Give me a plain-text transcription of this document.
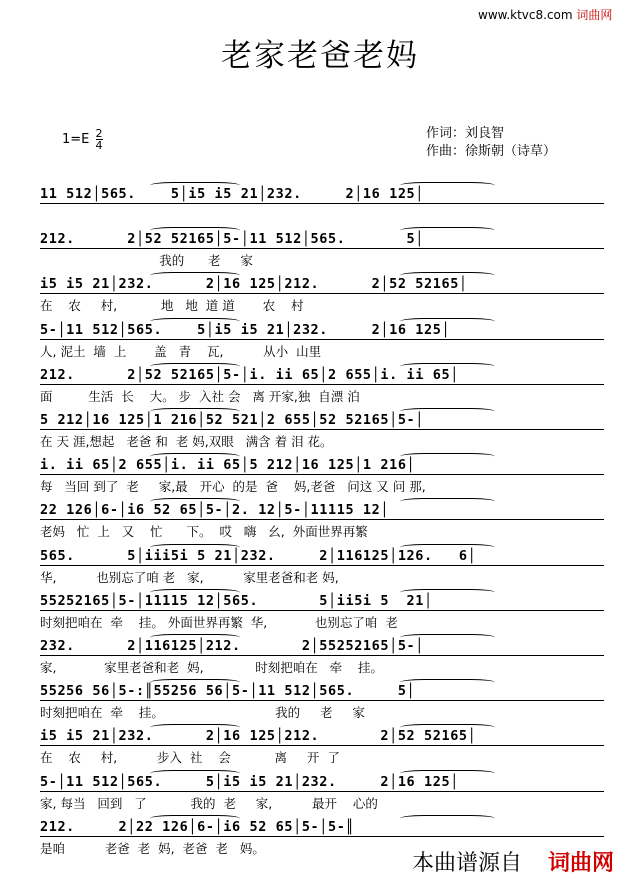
www.ktvc8.com 词曲网
老家老爸老妈
$1=E \frac{2}{4}$	作词：刘良智
作曲：徐斯朝（诗草）
11 512│565.    5│i5 i5 21│232.     2│16 125│
212.      2│52 52165│5-│11 512│565.       5│
我的      老     家
i5 i5 21│232.      2│16 125│212.      2│52 52165│
在    农     村,           地   地  道 道       农    村
5-│11 512│565.    5│i5 i5 21│232.     2│16 125│
人, 泥土  墙  上       盖   青    瓦,          从小  山里
212.      2│52 52165│5-│i. ii 65│2 655│i. ii 65│
面         生活  长    大。 步  入社 会   离 开家,独  自漂 泊
5 212│16 125│1 216│52 521│2 655│52 52165│5-│
在 天 涯,想起   老爸 和  老 妈,双眼   满含 着 泪 花。
i. ii 65│2 655│i. ii 65│5 212│16 125│1 216│
每   当回 到了  老     家,最   开心  的是  爸    妈,老爸   问这 又 问 那,
22 126│6-│i6 52 65│5-│2. 12│5-│11115 12│
老妈   忙  上   又    忙      下。  哎   嗨   幺,  外面世界再繁
565.      5│iii5i 5 21│232.     2│116125│126.   6│
华,          也别忘了咱 老   家,          家里老爸和老 妈,
55252165│5-│11115 12│565.       5│ii5i 5  21│
时刻把咱在  牵    挂。 外面世界再繁  华,            也别忘了咱  老
232.      2│116125│212.       2│55252165│5-│
家,            家里老爸和老  妈,             时刻把咱在   牵    挂。
55256 56│5-:║55256 56│5-│11 512│565.     5│
时刻把咱在  牵    挂。                            我的     老     家
i5 i5 21│232.      2│16 125│212.       2│52 52165│
在    农     村,          步入  社    会           离     开  了
5-│11 512│565.     5│i5 i5 21│232.     2│16 125│
家, 每当   回到   了           我的  老     家,          最开    心的
212.     2│22 126│6-│i6 52 65│5-│5-║
是咱          老爸  老  妈,  老爸  老   妈。
本曲谱源自 词曲网
